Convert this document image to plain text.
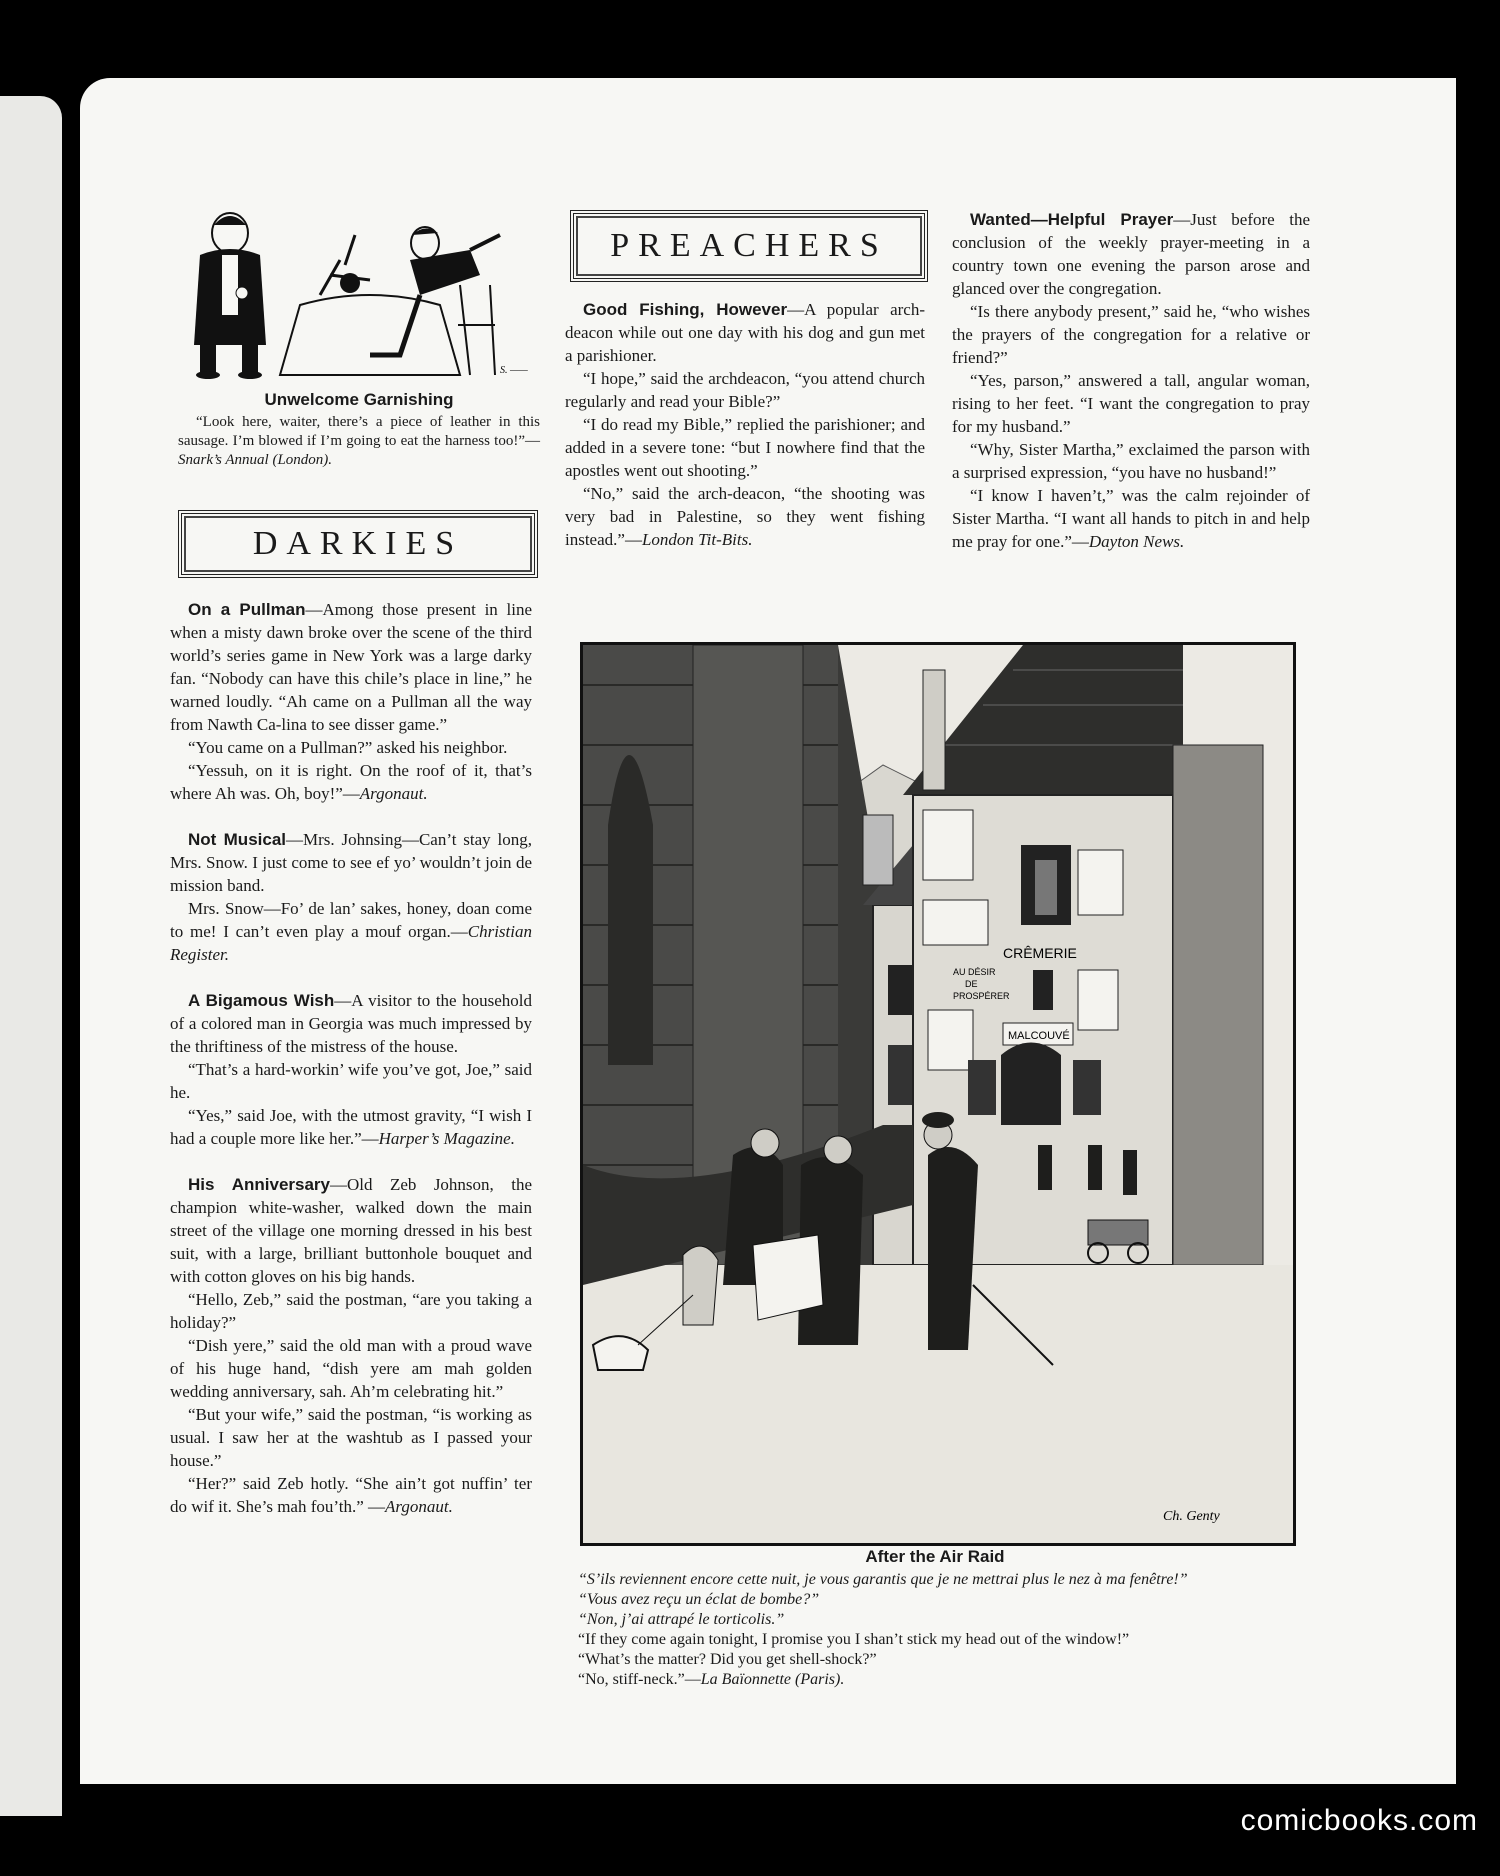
S. ——
Unwelcome Garnishing
“Look here, waiter, there’s a piece of leather in this sausage. I’m blowed if I’m going to eat the harness too!”—Snark’s Annual (London).
DARKIES

On a Pullman—Among those present in line when a misty dawn broke over the scene of the third world’s series game in New York was a large darky fan. “Nobody can have this chile’s place in line,” he warned loudly. “Ah came on a Pullman all the way from Nawth Ca-lina to see disser game.”

“You came on a Pullman?” asked his neighbor.

“Yessuh, on it is right. On the roof of it, that’s where Ah was. Oh, boy!”—Argonaut.

Not Musical—Mrs. Johnsing—Can’t stay long, Mrs. Snow. I just come to see ef yo’ wouldn’t join de mission band.

Mrs. Snow—Fo’ de lan’ sakes, honey, doan come to me! I can’t even play a mouf organ.—Christian Register.

A Bigamous Wish—A visitor to the household of a colored man in Georgia was much impressed by the thriftiness of the mistress of the house.

“That’s a hard-workin’ wife you’ve got, Joe,” said he.

“Yes,” said Joe, with the utmost gravity, “I wish I had a couple more like her.”—Harper’s Magazine.

His Anniversary—Old Zeb Johnson, the champion white-washer, walked down the main street of the village one morning dressed in his best suit, with a large, brilliant buttonhole bouquet and with cotton gloves on his big hands.

“Hello, Zeb,” said the postman, “are you taking a holiday?”

“Dish yere,” said the old man with a proud wave of his huge hand, “dish yere am mah golden wedding anniversary, sah. Ah’m celebrating hit.”

“But your wife,” said the postman, “is working as usual. I saw her at the washtub as I passed your house.”

“Her?” said Zeb hotly. “She ain’t got nuffin’ ter do wif it. She’s mah fou’th.” —Argonaut.

PREACHERS

Good Fishing, However—A popular arch-deacon while out one day with his dog and gun met a parishioner.

“I hope,” said the archdeacon, “you attend church regularly and read your Bible?”

“I do read my Bible,” replied the parishioner; and added in a severe tone: “but I nowhere find that the apostles went out shooting.”

“No,” said the arch-deacon, “the shooting was very bad in Palestine, so they went fishing instead.”—London Tit-Bits.

Wanted—Helpful Prayer—Just before the conclusion of the weekly prayer-meeting in a country town one evening the parson arose and glanced over the congregation.

“Is there anybody present,” said he, “who wishes the prayers of the congregation for a relative or friend?”

“Yes, parson,” answered a tall, angular woman, rising to her feet. “I want the congregation to pray for my husband.”

“Why, Sister Martha,” exclaimed the parson with a surprised expression, “you have no husband!”

“I know I haven’t,” was the calm rejoinder of Sister Martha. “I want all hands to pitch in and help me pray for one.”—Dayton News.

CRÊMERIE
AU DÉSIR
DE
PROSPÉRER
MALCOUVÉ
Ch. Genty
After the Air Raid

“S’ils reviennent encore cette nuit, je vous garantis que je ne mettrai plus le nez à ma fenêtre!”

“Vous avez reçu un éclat de bombe?”

“Non, j’ai attrapé le torticolis.”

“If they come again tonight, I promise you I shan’t stick my head out of the window!”

“What’s the matter? Did you get shell-shock?”

“No, stiff-neck.”—La Baïonnette (Paris).

comicbooks.com
